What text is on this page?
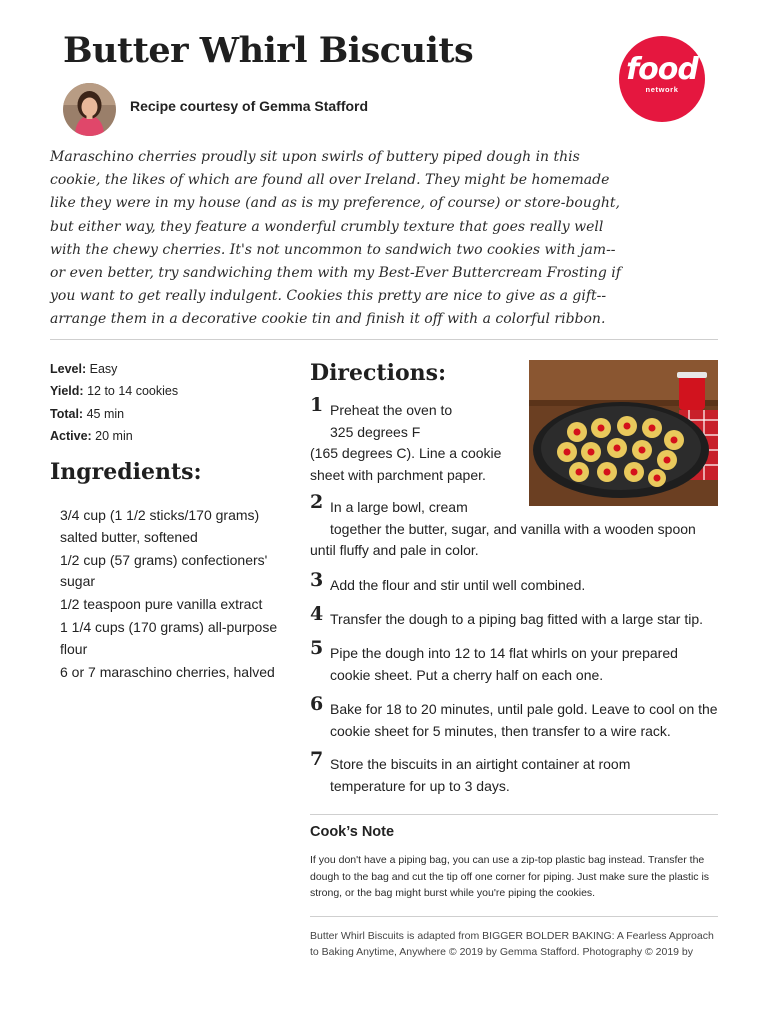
Butter Whirl Biscuits	food
network
Recipe courtesy of Gemma Stafford

Maraschino cherries proudly sit upon swirls of buttery piped dough in this cookie, the likes of which are found all over Ireland. They might be homemade like they were in my house (and as is my preference, of course) or store-bought, but either way, they feature a wonderful crumbly texture that goes really well with the chewy cherries. It's not uncommon to sandwich two cookies with jam--or even better, try sandwiching them with my Best-Ever Buttercream Frosting if you want to get really indulgent. Cookies this pretty are nice to give as a gift--arrange them in a decorative cookie tin and finish it off with a colorful ribbon.

Level: Easy
Yield: 12 to 14 cookies
Total: 45 min
Active: 20 min
Ingredients:
3/4 cup (1 1/2 sticks/170 grams) salted butter, softened
1/2 cup (57 grams) confectioners' sugar
1/2 teaspoon pure vanilla extract
1 1/4 cups (170 grams) all-purpose flour
6 or 7 maraschino cherries, halved
Directions:
1 Preheat the oven to
325 degrees F
(165 degrees C). Line a cookie sheet with parchment paper.
2 In a large bowl, cream
together the butter, sugar, and vanilla with a wooden spoon
until fluffy and pale in color.
3 Add the flour and stir until well combined.
4 Transfer the dough to a piping bag fitted with a large star tip.
5 Pipe the dough into 12 to 14 flat whirls on your prepared cookie sheet. Put a cherry half on each one.
6 Bake for 18 to 20 minutes, until pale gold. Leave to cool on the cookie sheet for 5 minutes, then transfer to a wire rack.
7 Store the biscuits in an airtight container at room temperature for up to 3 days.
Cook’s Note

If you don't have a piping bag, you can use a zip-top plastic bag instead. Transfer the dough to the bag and cut the tip off one corner for piping. Just make sure the plastic is strong, or the bag might burst while you're piping the cookies.

Butter Whirl Biscuits is adapted from BIGGER BOLDER BAKING: A Fearless Approach to Baking Anytime, Anywhere © 2019 by Gemma Stafford. Photography © 2019 by
